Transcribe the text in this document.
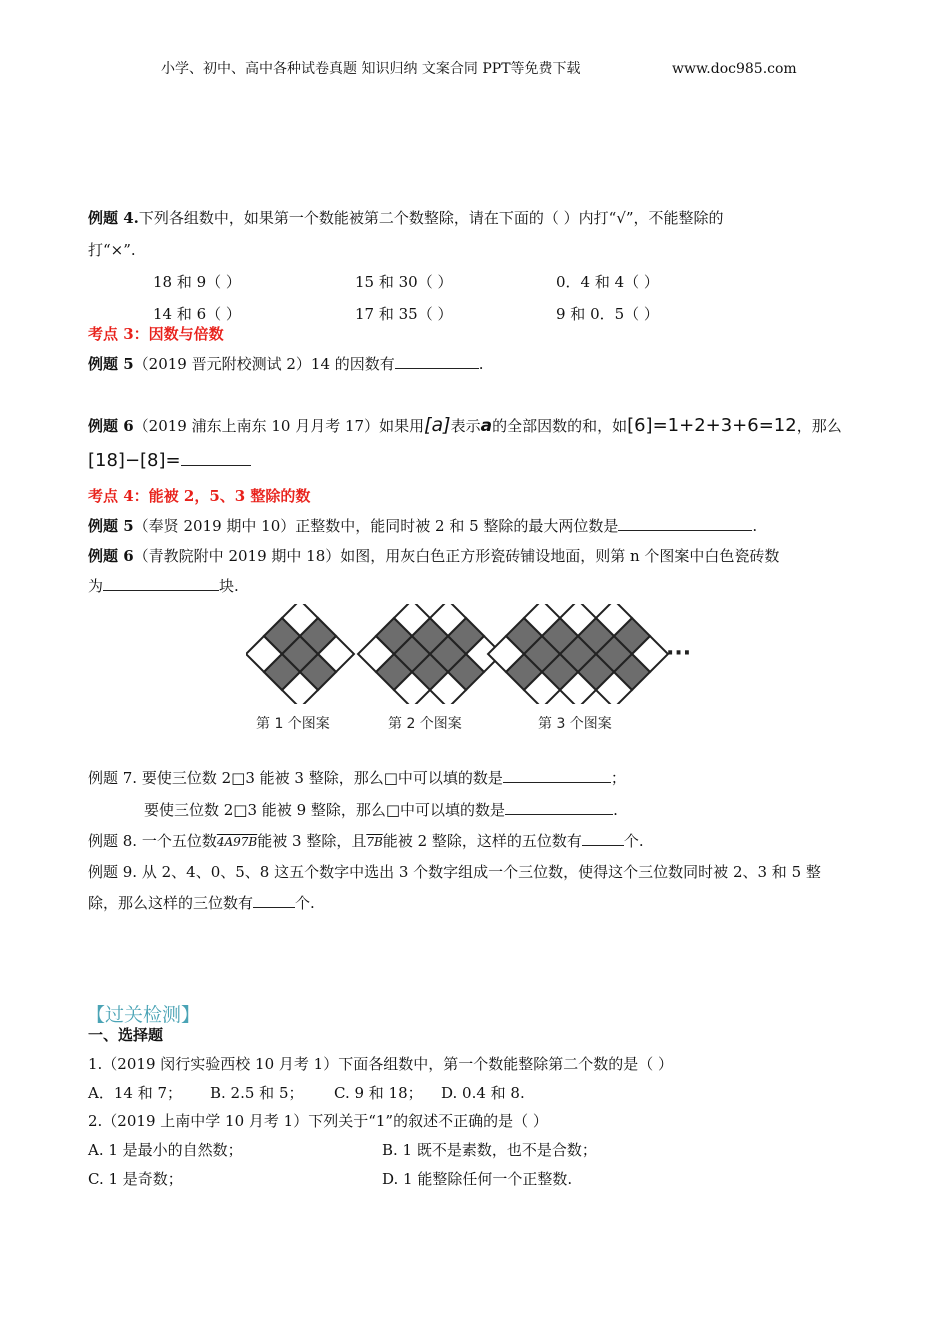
小学、初中、高中各种试卷真题 知识归纳 文案合同 PPT等免费下载	www.doc985.com
例题 4.下列各组数中，如果第一个数能被第二个数整除，请在下面的（ ）内打“√”，不能整除的
打“×”.
18 和 9（ ）	15 和 30（ ）	0．4 和 4（ ）
14 和 6（ ）	17 和 35（ ）	9 和 0．5（ ）
考点 3：因数与倍数
例题 5（2019 晋元附校测试 2）14 的因数有	.
例题 6（2019 浦东上南东 10 月月考 17）如果用[a]表示a的全部因数的和，如[6]=1+2+3+6=12，那么
[18]−[8]=
考点 4：能被 2，5、3 整除的数
例题 5（奉贤 2019 期中 10）正整数中，能同时被 2 和 5 整除的最大两位数是	.
例题 6（青教院附中 2019 期中 18）如图，用灰白色正方形瓷砖铺设地面，则第 n 个图案中白色瓷砖数
为	块.
···
第 1 个图案	第 2 个图案	第 3 个图案
例题 7. 要使三位数 2□3 能被 3 整除，那么□中可以填的数是	；
要使三位数 2□3 能被 9 整除，那么□中可以填的数是	.
例题 8. 一个五位数4A97B能被 3 整除，且7B能被 2 整除，这样的五位数有	个.
例题 9. 从 2、4、0、5、8 这五个数字中选出 3 个数字组成一个三位数，使得这个三位数同时被 2、3 和 5 整
除，那么这样的三位数有	个.
【过关检测】
一、选择题
1.（2019 闵行实验西校 10 月考 1）下面各组数中，第一个数能整除第二个数的是（ ）
A．14 和 7； B. 2.5 和 5； C. 9 和 18； D. 0.4 和 8.
2.（2019 上南中学 10 月考 1）下列关于“1”的叙述不正确的是（ ）
A. 1 是最小的自然数；	B. 1 既不是素数，也不是合数；
C. 1 是奇数；	D. 1 能整除任何一个正整数.
